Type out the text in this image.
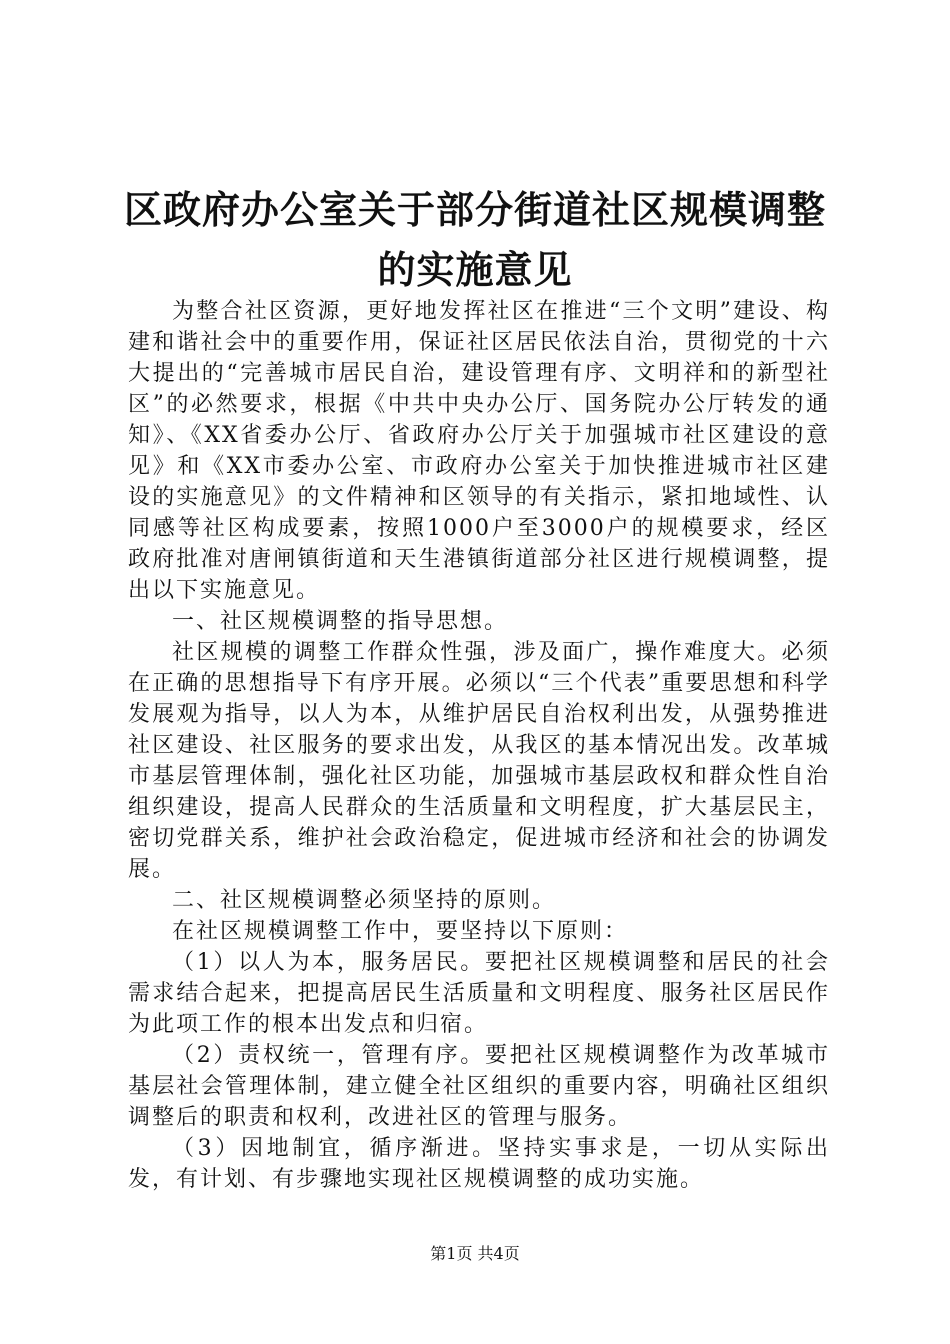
区政府办公室关于部分街道社区规模调整的实施意见

为整合社区资源，更好地发挥社区在推进“三个文明”建设、构建和谐社会中的重要作用，保证社区居民依法自治，贯彻党的十六大提出的“完善城市居民自治，建设管理有序、文明祥和的新型社区”的必然要求，根据《中共中央办公厅、国务院办公厅转发的通知》、《XX省委办公厅、省政府办公厅关于加强城市社区建设的意见》和《XX市委办公室、市政府办公室关于加快推进城市社区建设的实施意见》的文件精神和区领导的有关指示，紧扣地域性、认同感等社区构成要素，按照1000户至3000户的规模要求，经区政府批准对唐闸镇街道和天生港镇街道部分社区进行规模调整，提出以下实施意见。

一、社区规模调整的指导思想。

社区规模的调整工作群众性强，涉及面广，操作难度大。必须在正确的思想指导下有序开展。必须以“三个代表”重要思想和科学发展观为指导，以人为本，从维护居民自治权利出发，从强势推进社区建设、社区服务的要求出发，从我区的基本情况出发。改革城市基层管理体制，强化社区功能，加强城市基层政权和群众性自治组织建设，提高人民群众的生活质量和文明程度，扩大基层民主，密切党群关系，维护社会政治稳定，促进城市经济和社会的协调发展。

二、社区规模调整必须坚持的原则。

在社区规模调整工作中，要坚持以下原则：

（1）以人为本，服务居民。要把社区规模调整和居民的社会需求结合起来，把提高居民生活质量和文明程度、服务社区居民作为此项工作的根本出发点和归宿。

（2）责权统一，管理有序。要把社区规模调整作为改革城市基层社会管理体制，建立健全社区组织的重要内容，明确社区组织调整后的职责和权利，改进社区的管理与服务。

（3）因地制宜，循序渐进。坚持实事求是，一切从实际出发，有计划、有步骤地实现社区规模调整的成功实施。

第1页 共4页
